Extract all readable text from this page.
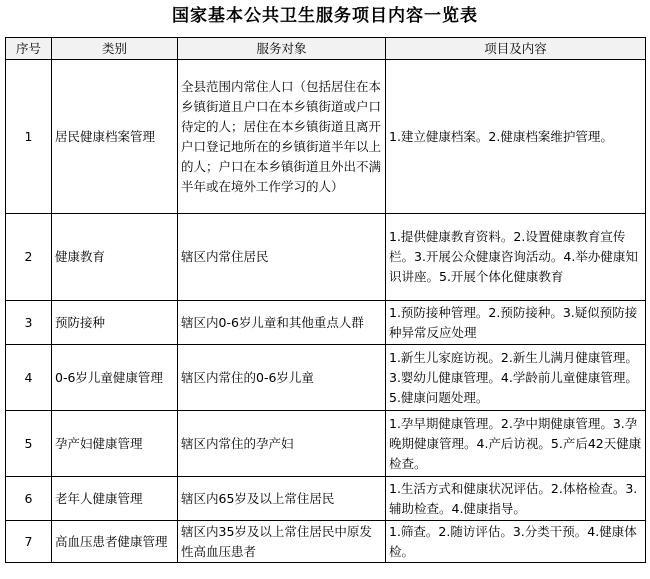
国家基本公共卫生服务项目内容一览表
序号	类别	服务对象	项目及内容
1	居民健康档案管理	全县范围内常住人口（包括居住在本乡镇街道且户口在本乡镇街道或户口待定的人；居住在本乡镇街道且离开户口登记地所在的乡镇街道半年以上的人；户口在本乡镇街道且外出不满半年或在境外工作学习的人）	1.建立健康档案。2.健康档案维护管理。
2	健康教育	辖区内常住居民	1.提供健康教育资料。2.设置健康教育宣传栏。3.开展公众健康咨询活动。4.举办健康知识讲座。5.开展个体化健康教育
3	预防接种	辖区内0-6岁儿童和其他重点人群	1.预防接种管理。2.预防接种。3.疑似预防接种异常反应处理
4	0-6岁儿童健康管理	辖区内常住的0-6岁儿童	1.新生儿家庭访视。2.新生儿满月健康管理。3.婴幼儿健康管理。4.学龄前儿童健康管理。5.健康问题处理。
5	孕产妇健康管理	辖区内常住的孕产妇	1.孕早期健康管理。2.孕中期健康管理。3.孕晚期健康管理。4.产后访视。5.产后42天健康检查。
6	老年人健康管理	辖区内65岁及以上常住居民	1.生活方式和健康状况评估。2.体格检查。3.辅助检查。4.健康指导。
7	高血压患者健康管理	辖区内35岁及以上常住居民中原发性高血压患者	1.筛查。2.随访评估。3.分类干预。4.健康体检。
